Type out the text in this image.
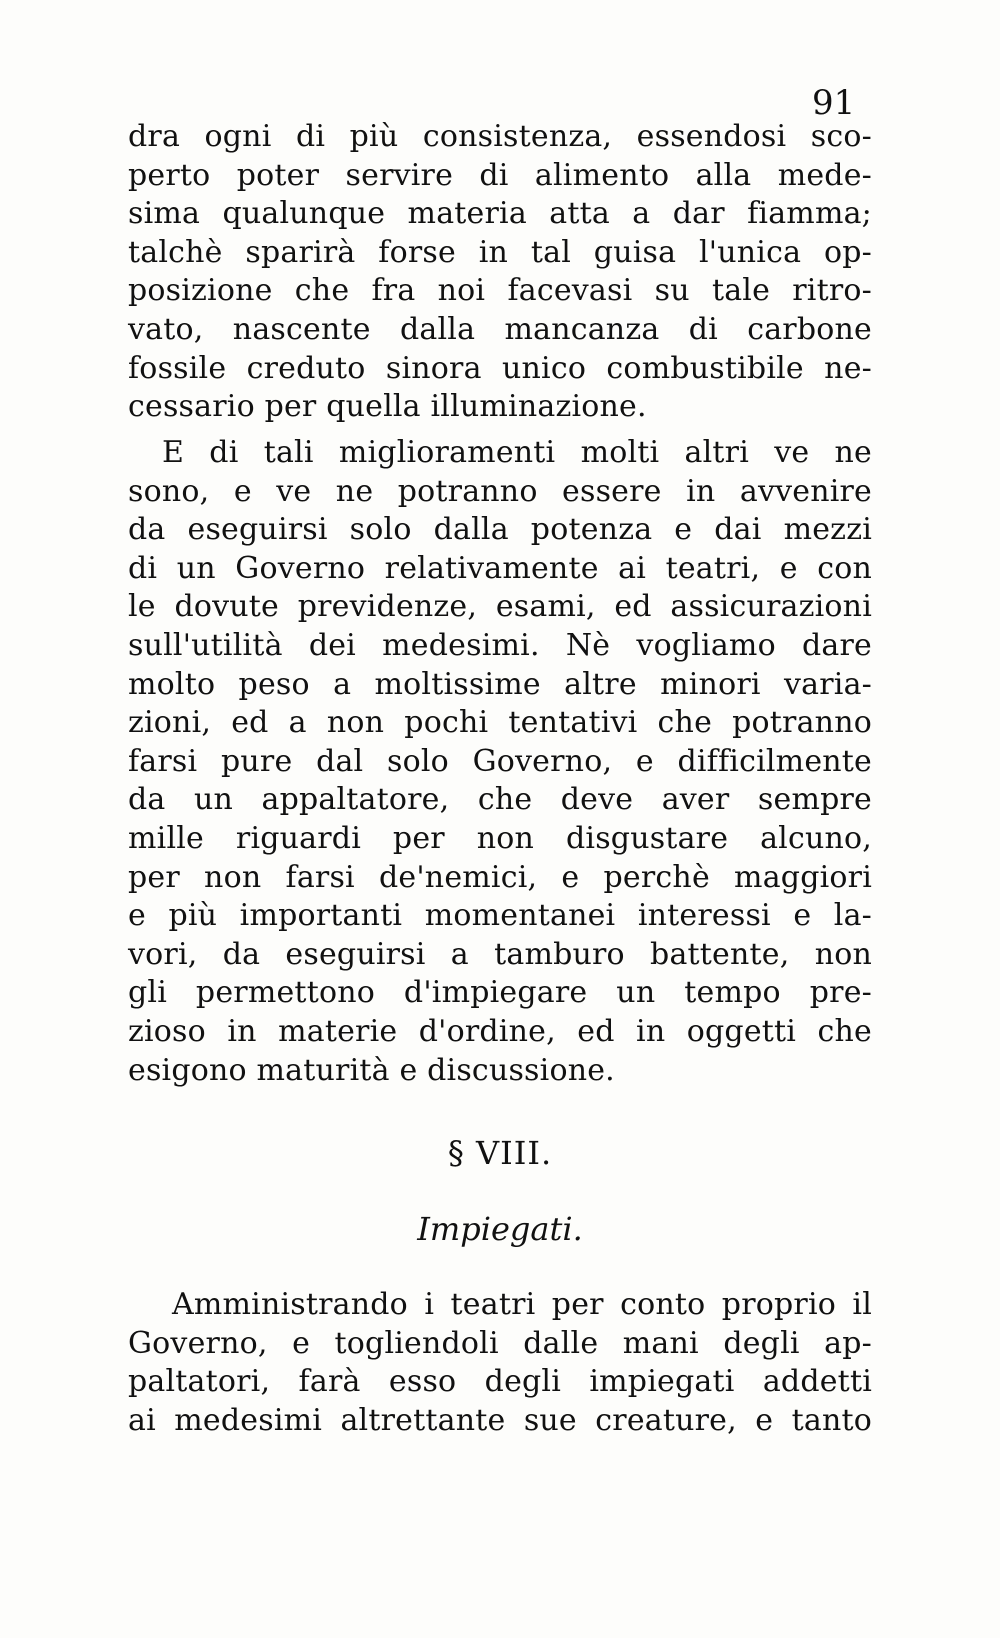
91
dra ogni di più consistenza, essendosi sco-
perto poter servire di alimento alla mede-
sima qualunque materia atta a dar fiamma;
talchè sparirà forse in tal guisa l'unica op-
posizione che fra noi facevasi su tale ritro-
vato, nascente dalla mancanza di carbone
fossile creduto sinora unico combustibile ne-
cessario per quella illuminazione.
E di tali miglioramenti molti altri ve ne
sono, e ve ne potranno essere in avvenire
da eseguirsi solo dalla potenza e dai mezzi
di un Governo relativamente ai teatri, e con
le dovute previdenze, esami, ed assicurazioni
sull'utilità dei medesimi. Nè vogliamo dare
molto peso a moltissime altre minori varia-
zioni, ed a non pochi tentativi che potranno
farsi pure dal solo Governo, e difficilmente
da un appaltatore, che deve aver sempre
mille riguardi per non disgustare alcuno,
per non farsi de'nemici, e perchè maggiori
e più importanti momentanei interessi e la-
vori, da eseguirsi a tamburo battente, non
gli permettono d'impiegare un tempo pre-
zioso in materie d'ordine, ed in oggetti che
esigono maturità e discussione.
§ VIII.
Impiegati.
Amministrando i teatri per conto proprio il
Governo, e togliendoli dalle mani degli ap-
paltatori, farà esso degli impiegati addetti
ai medesimi altrettante sue creature, e tanto
